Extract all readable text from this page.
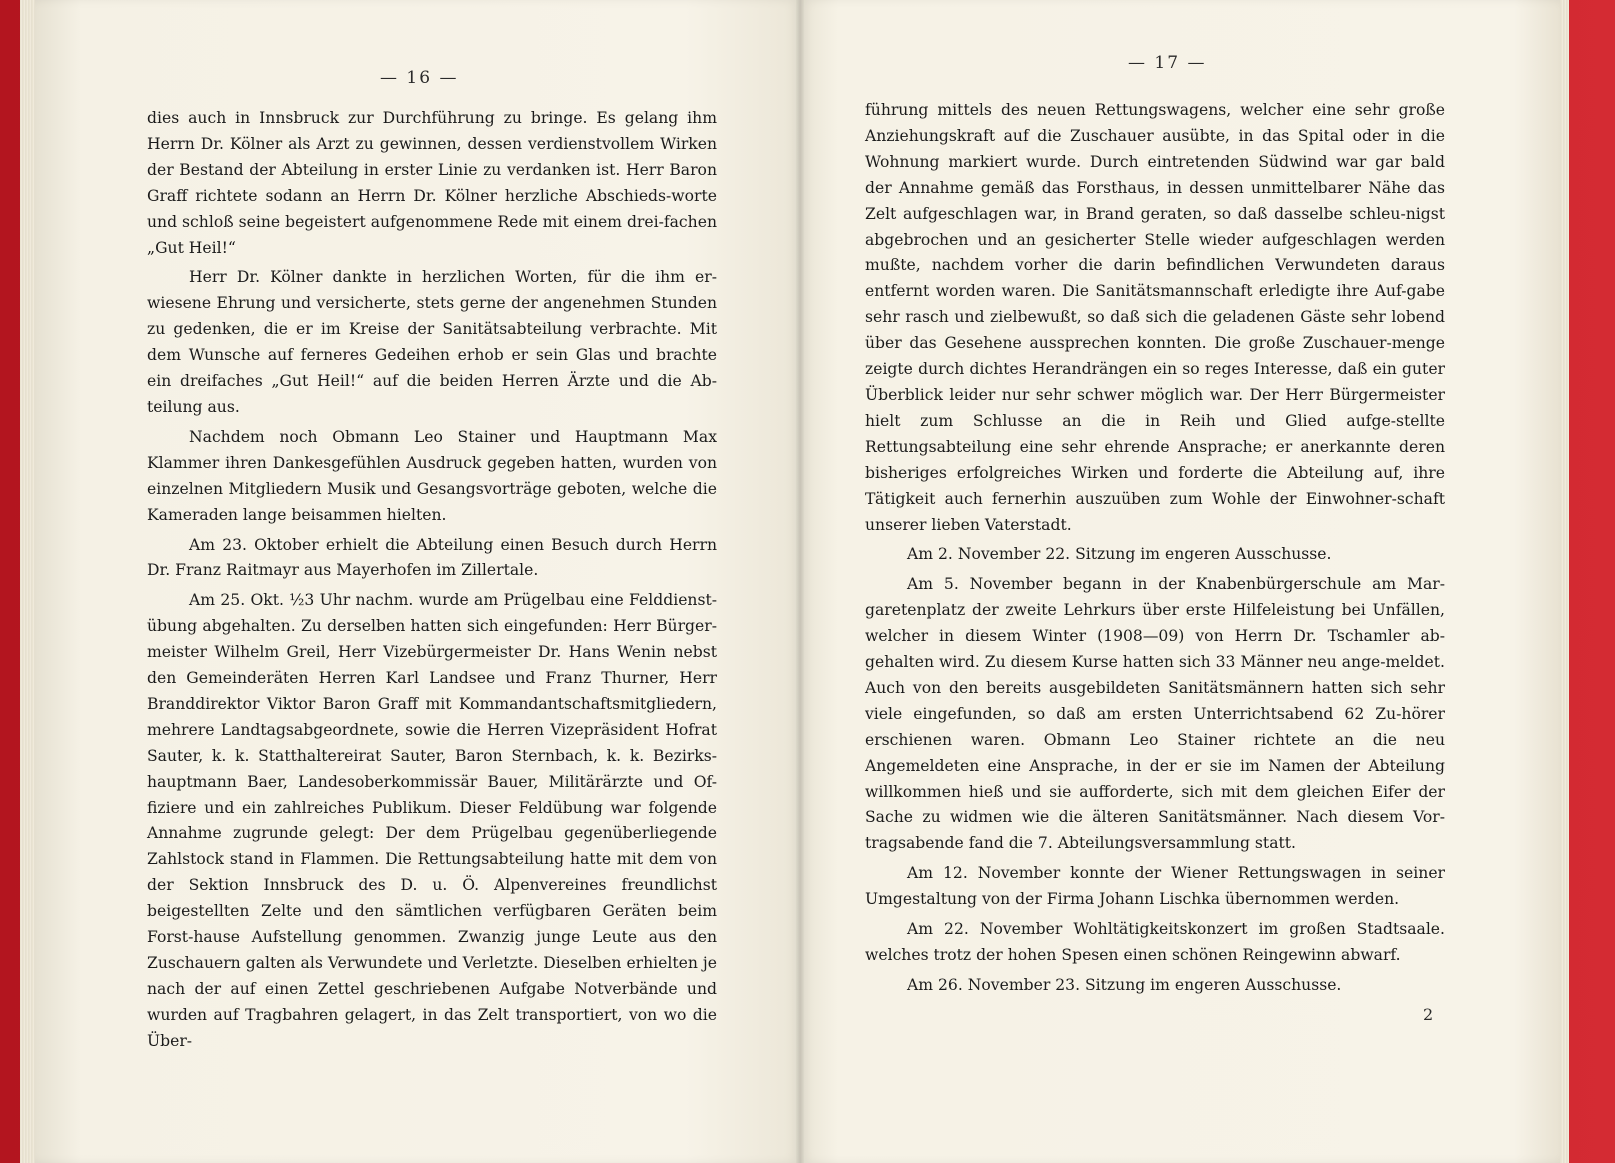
— 16 —
— 17 —

dies auch in Innsbruck zur Durchführung zu bringe. Es gelang ihm Herrn Dr. Kölner als Arzt zu gewinnen, dessen verdienstvollem Wirken der Bestand der Abteilung in erster Linie zu verdanken ist. Herr Baron Graff richtete sodann an Herrn Dr. Kölner herzliche Abschieds-worte und schloß seine begeistert aufgenommene Rede mit einem drei-fachen „Gut Heil!“

Herr Dr. Kölner dankte in herzlichen Worten, für die ihm er-wiesene Ehrung und versicherte, stets gerne der angenehmen Stunden zu gedenken, die er im Kreise der Sanitätsabteilung verbrachte. Mit dem Wunsche auf ferneres Gedeihen erhob er sein Glas und brachte ein dreifaches „Gut Heil!“ auf die beiden Herren Ärzte und die Ab-teilung aus.

Nachdem noch Obmann Leo Stainer und Hauptmann Max Klammer ihren Dankesgefühlen Ausdruck gegeben hatten, wurden von einzelnen Mitgliedern Musik und Gesangsvorträge geboten, welche die Kameraden lange beisammen hielten.

Am 23. Oktober erhielt die Abteilung einen Besuch durch Herrn Dr. Franz Raitmayr aus Mayerhofen im Zillertale.

Am 25. Okt. ½3 Uhr nachm. wurde am Prügelbau eine Felddienst-übung abgehalten. Zu derselben hatten sich eingefunden: Herr Bürger-meister Wilhelm Greil, Herr Vizebürgermeister Dr. Hans Wenin nebst den Gemeinderäten Herren Karl Landsee und Franz Thurner, Herr Branddirektor Viktor Baron Graff mit Kommandantschaftsmitgliedern, mehrere Landtagsabgeordnete, sowie die Herren Vizepräsident Hofrat Sauter, k. k. Statthaltereirat Sauter, Baron Sternbach, k. k. Bezirks-hauptmann Baer, Landesoberkommissär Bauer, Militärärzte und Of-fiziere und ein zahlreiches Publikum. Dieser Feldübung war folgende Annahme zugrunde gelegt: Der dem Prügelbau gegenüberliegende Zahlstock stand in Flammen. Die Rettungsabteilung hatte mit dem von der Sektion Innsbruck des D. u. Ö. Alpenvereines freundlichst beigestellten Zelte und den sämtlichen verfügbaren Geräten beim Forst-hause Aufstellung genommen. Zwanzig junge Leute aus den Zuschauern galten als Verwundete und Verletzte. Dieselben erhielten je nach der auf einen Zettel geschriebenen Aufgabe Notverbände und wurden auf Tragbahren gelagert, in das Zelt transportiert, von wo die Über-

führung mittels des neuen Rettungswagens, welcher eine sehr große Anziehungskraft auf die Zuschauer ausübte, in das Spital oder in die Wohnung markiert wurde. Durch eintretenden Südwind war gar bald der Annahme gemäß das Forsthaus, in dessen unmittelbarer Nähe das Zelt aufgeschlagen war, in Brand geraten, so daß dasselbe schleu-nigst abgebrochen und an gesicherter Stelle wieder aufgeschlagen werden mußte, nachdem vorher die darin befindlichen Verwundeten daraus entfernt worden waren. Die Sanitätsmannschaft erledigte ihre Auf-gabe sehr rasch und zielbewußt, so daß sich die geladenen Gäste sehr lobend über das Gesehene aussprechen konnten. Die große Zuschauer-menge zeigte durch dichtes Herandrängen ein so reges Interesse, daß ein guter Überblick leider nur sehr schwer möglich war. Der Herr Bürgermeister hielt zum Schlusse an die in Reih und Glied aufge-stellte Rettungsabteilung eine sehr ehrende Ansprache; er anerkannte deren bisheriges erfolgreiches Wirken und forderte die Abteilung auf, ihre Tätigkeit auch fernerhin auszuüben zum Wohle der Einwohner-schaft unserer lieben Vaterstadt.

Am 2. November 22. Sitzung im engeren Ausschusse.

Am 5. November begann in der Knabenbürgerschule am Mar-garetenplatz der zweite Lehrkurs über erste Hilfeleistung bei Unfällen, welcher in diesem Winter (1908—09) von Herrn Dr. Tschamler ab-gehalten wird. Zu diesem Kurse hatten sich 33 Männer neu ange-meldet. Auch von den bereits ausgebildeten Sanitätsmännern hatten sich sehr viele eingefunden, so daß am ersten Unterrichtsabend 62 Zu-hörer erschienen waren. Obmann Leo Stainer richtete an die neu Angemeldeten eine Ansprache, in der er sie im Namen der Abteilung willkommen hieß und sie aufforderte, sich mit dem gleichen Eifer der Sache zu widmen wie die älteren Sanitätsmänner. Nach diesem Vor-tragsabende fand die 7. Abteilungsversammlung statt.

Am 12. November konnte der Wiener Rettungswagen in seiner Umgestaltung von der Firma Johann Lischka übernommen werden.

Am 22. November Wohltätigkeitskonzert im großen Stadtsaale. welches trotz der hohen Spesen einen schönen Reingewinn abwarf.

Am 26. November 23. Sitzung im engeren Ausschusse.

2
